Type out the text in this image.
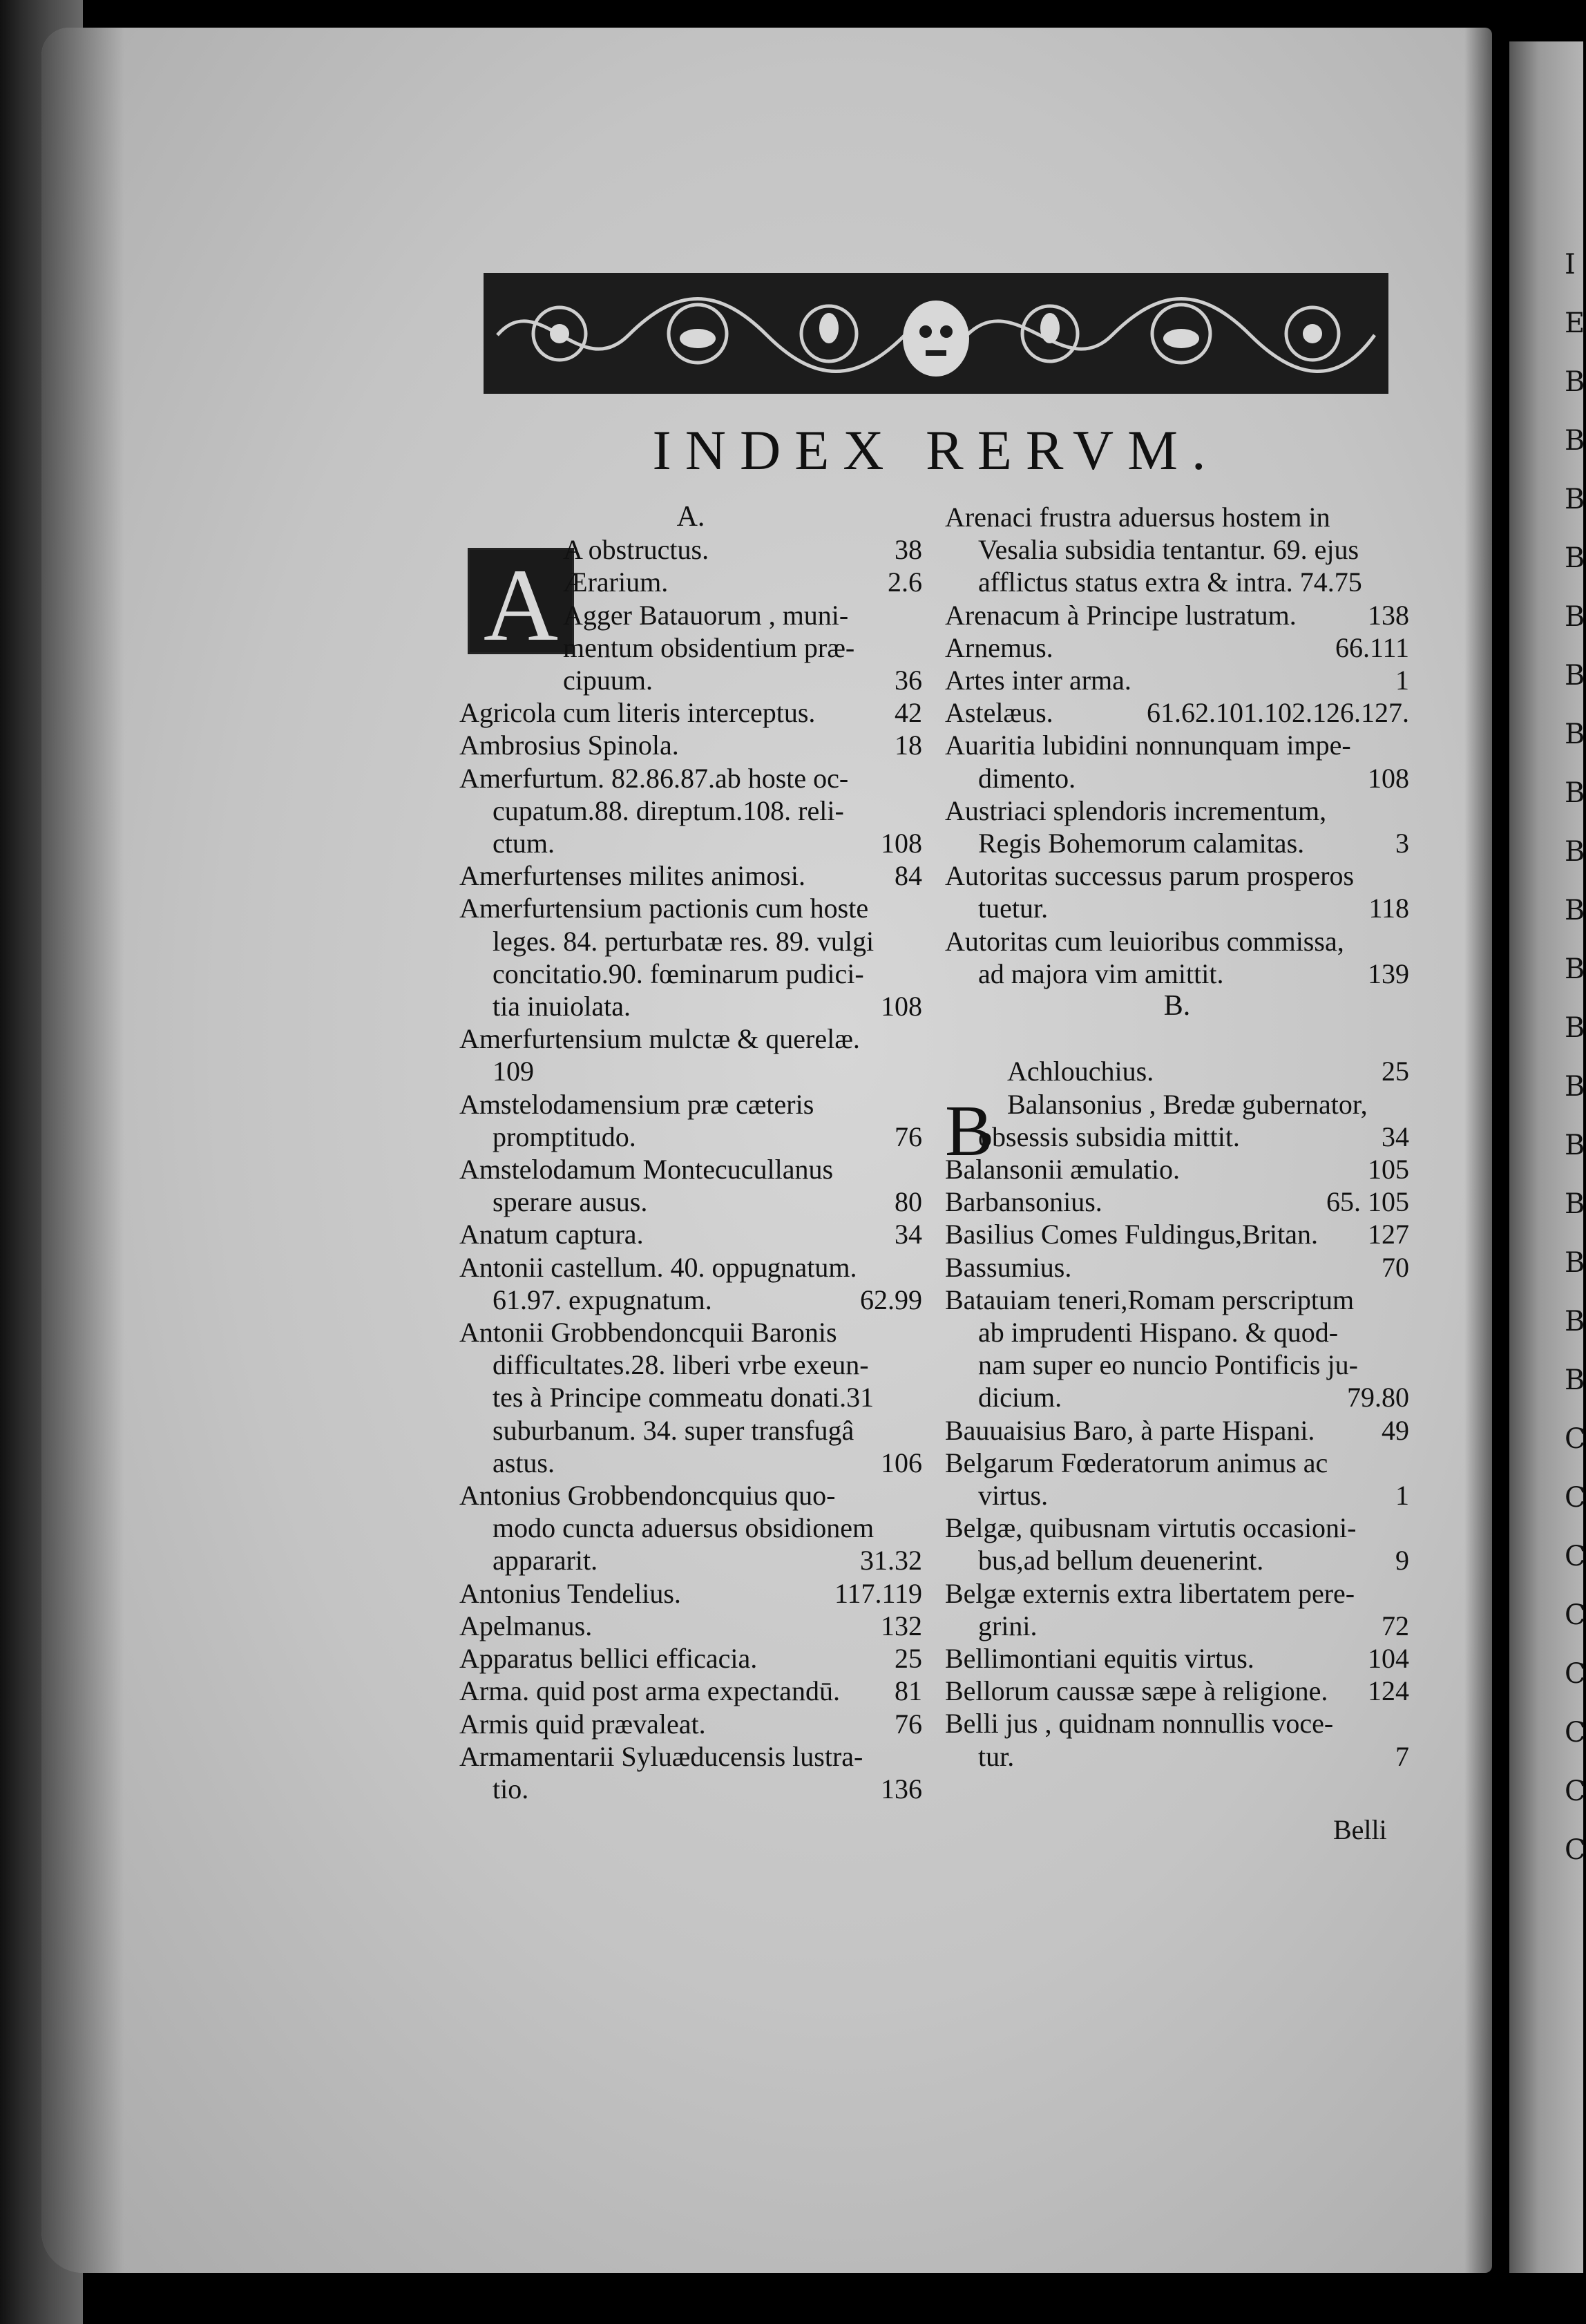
I
E
B
B
B
B
B
B
B
B
B
B
B
B
B
B
B
B
B
B
C
C
C
C
C
C
C
C
INDEX RERVM.
A
A.
A obstructus.	38
Ærarium.	2.6
Agger Batauorum , muni-
mentum obsidentium præ-
cipuum.	36
Agricola cum literis interceptus.	42
Ambrosius Spinola.	18
Amerfurtum. 82.86.87.ab hoste oc-
cupatum.88. direptum.108. reli-
ctum.	108
Amerfurtenses milites animosi.	84
Amerfurtensium pactionis cum hoste
leges. 84. perturbatæ res. 89. vulgi
concitatio.90. fœminarum pudici-
tia inuiolata.	108
Amerfurtensium mulctæ & querelæ.
109
Amstelodamensium præ cæteris
promptitudo.	76
Amstelodamum Montecucullanus
sperare ausus.	80
Anatum captura.	34
Antonii castellum. 40. oppugnatum.
61.97. expugnatum.	62.99
Antonii Grobbendoncquii Baronis
difficultates.28. liberi vrbe exeun-
tes à Principe commeatu donati.31
suburbanum. 34. super transfugâ
astus.	106
Antonius Grobbendoncquius quo-
modo cuncta aduersus obsidionem
appararit.	31.32
Antonius Tendelius.	117.119
Apelmanus.	132
Apparatus bellici efficacia.	25
Arma. quid post arma expectandū. 81
Armis quid prævaleat.	76
Armamentarii Syluæducensis lustra-
tio.	136
Arenaci frustra aduersus hostem in
Vesalia subsidia tentantur. 69. ejus
afflictus status extra & intra. 74.75
Arenacum à Principe lustratum.	138
Arnemus.	66.111
Artes inter arma.	1
Astelæus.	61.62.101.102.126.127.
Auaritia lubidini nonnunquam impe-
dimento.	108
Austriaci splendoris incrementum,
Regis Bohemorum calamitas.	3
Autoritas successus parum prosperos
tuetur.	118
Autoritas cum leuioribus commissa,
ad majora vim amittit.	139
B.
Achlouchius.	25
Balansonius , Bredæ gubernator,
obsessis subsidia mittit.	34
Balansonii æmulatio.	105
Barbansonius.	65. 105
Basilius Comes Fuldingus,Britan. 127
Bassumius.	70
Batauiam teneri,Romam perscriptum
ab imprudenti Hispano. & quod-
nam super eo nuncio Pontificis ju-
dicium.	79.80
Bauuaisius Baro, à parte Hispani. 49
Belgarum Fœderatorum animus ac
virtus.	1
Belgæ, quibusnam virtutis occasioni-
bus,ad bellum deuenerint.	9
Belgæ externis extra libertatem pere-
grini.	72
Bellimontiani equitis virtus.	104
Bellorum caussæ sæpe à religione. 124
Belli jus , quidnam nonnullis voce-
tur.	7
B
Belli
